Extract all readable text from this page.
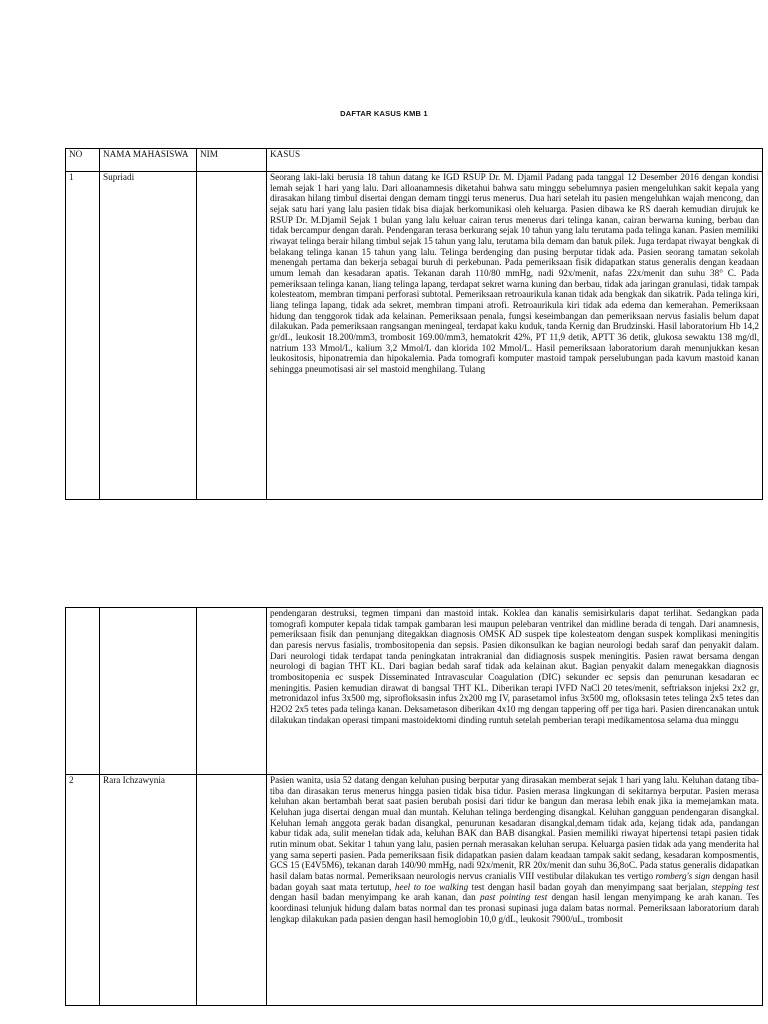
DAFTAR KASUS KMB 1
NO	NAMA MAHASISWA	NIM	KASUS
1	Supriadi		Seorang laki-laki berusia 18 tahun datang ke IGD RSUP Dr. M. Djamil Padang pada tanggal 12 Desember 2016 dengan kondisi lemah sejak 1 hari yang lalu. Dari alloanamnesis diketahui bahwa satu minggu sebelumnya pasien mengeluhkan sakit kepala yang dirasakan hilang timbul disertai dengan demam tinggi terus menerus. Dua hari setelah itu pasien mengeluhkan wajah mencong, dan sejak satu hari yang lalu pasien tidak bisa diajak berkomunikasi oleh keluarga. Pasien dibawa ke RS daerah kemudian dirujuk ke RSUP Dr. M.Djamil Sejak 1 bulan yang lalu keluar cairan terus menerus dari telinga kanan, cairan berwarna kuning, berbau dan tidak bercampur dengan darah. Pendengaran terasa berkurang sejak 10 tahun yang lalu terutama pada telinga kanan. Pasien memiliki riwayat telinga berair hilang timbul sejak 15 tahun yang lalu, terutama bila demam dan batuk pilek. Juga terdapat riwayat bengkak di belakang telinga kanan 15 tahun yang lalu. Telinga berdenging dan pusing berputar tidak ada. Pasien seorang tamatan sekolah menengah pertama dan bekerja sebagai buruh di perkebunan. Pada pemeriksaan fisik didapatkan status generalis dengan keadaan umum lemah dan kesadaran apatis. Tekanan darah 110/80 mmHg, nadi 92x/menit, nafas 22x/menit dan suhu 38° C. Pada pemeriksaan telinga kanan, liang telinga lapang, terdapat sekret warna kuning dan berbau, tidak ada jaringan granulasi, tidak tampak kolesteatom, membran timpani perforasi subtotal. Pemeriksaan retroaurikula kanan tidak ada bengkak dan sikatrik. Pada telinga kiri, liang telinga lapang, tidak ada sekret, membran timpani atrofi. Retroaurikula kiri tidak ada edema dan kemerahan. Pemeriksaan hidung dan tenggorok tidak ada kelainan. Pemeriksaan penala, fungsi keseimbangan dan pemeriksaan nervus fasialis belum dapat dilakukan. Pada pemeriksaan rangsangan meningeal, terdapat kaku kuduk, tanda Kernig dan Brudzinski. Hasil laboratorium Hb 14,2 gr/dL, leukosit 18.200/mm3, trombosit 169.00/mm3, hematokrit 42%, PT 11,9 detik, APTT 36 detik, glukosa sewaktu 138 mg/dl, natrium 133 Mmol/L, kalium 3,2 Mmol/L dan klorida 102 Mmol/L. Hasil pemeriksaan laboratorium darah menunjukkan kesan leukositosis, hiponatremia dan hipokalemia. Pada tomografi komputer mastoid tampak perselubungan pada kavum mastoid kanan sehingga pneumotisasi air sel mastoid menghilang. Tulang

			pendengaran destruksi, tegmen timpani dan mastoid intak. Koklea dan kanalis semisirkularis dapat terlihat. Sedangkan pada tomografi komputer kepala tidak tampak gambaran lesi maupun pelebaran ventrikel dan midline berada di tengah. Dari anamnesis, pemeriksaan fisik dan penunjang ditegakkan diagnosis OMSK AD suspek tipe kolesteatom dengan suspek komplikasi meningitis dan paresis nervus fasialis, trombositopenia dan sepsis. Pasien dikonsulkan ke bagian neurologi bedah saraf dan penyakit dalam. Dari neurologi tidak terdapat tanda peningkatan intrakranial dan didiagnosis suspek meningitis. Pasien rawat bersama dengan neurologi di bagian THT KL. Dari bagian bedah saraf tidak ada kelainan akut. Bagian penyakit dalam menegakkan diagnosis trombositopenia ec suspek Disseminated Intravascular Coagulation (DIC) sekunder ec sepsis dan penurunan kesadaran ec meningitis. Pasien kemudian dirawat di bangsal THT KL. Diberikan terapi IVFD NaCl 20 tetes/menit, seftriakson injeksi 2x2 gr, metronidazol infus 3x500 mg, siprofloksasin infus 2x200 mg IV, parasetamol infus 3x500 mg, ofloksasin tetes telinga 2x5 tetes dan H2O2 2x5 tetes pada telinga kanan. Deksametason diberikan 4x10 mg dengan tappering off per tiga hari. Pasien direncanakan untuk dilakukan tindakan operasi timpani mastoidektomi dinding runtuh setelah pemberian terapi medikamentosa selama dua minggu

2	Rara Ichzawynia		Pasien wanita, usia 52 datang dengan keluhan pusing berputar yang dirasakan memberat sejak 1 hari yang lalu. Keluhan datang tiba-tiba dan dirasakan terus menerus hingga pasien tidak bisa tidur. Pasien merasa lingkungan di sekitarnya berputar. Pasien merasa keluhan akan bertambah berat saat pasien berubah posisi dari tidur ke bangun dan merasa lebih enak jika ia memejamkan mata. Keluhan juga disertai dengan mual dan muntah. Keluhan telinga berdenging disangkal. Keluhan gangguan pendengaran disangkal. Keluhan lemah anggota gerak badan disangkal, penurunan kesadaran disangkal,demam tidak ada, kejang tidak ada, pandangan kabur tidak ada, sulit menelan tidak ada, keluhan BAK dan BAB disangkal. Pasien memiliki riwayat hipertensi tetapi pasien tidak rutin minum obat. Sekitar 1 tahun yang lalu, pasien pernah merasakan keluhan serupa. Keluarga pasien tidak ada yang menderita hal yang sama seperti pasien. Pada pemeriksaan fisik didapatkan pasien dalam keadaan tampak sakit sedang, kesadaran komposmentis, GCS 15 (E4V5M6), tekanan darah 140/90 mmHg, nadi 92x/menit, RR 20x/menit dan suhu 36,8oC. Pada status generalis didapatkan hasil dalam batas normal. Pemeriksaan neurologis nervus cranialis VIII vestibular dilakukan tes vertigo romberg's sign dengan hasil badan goyah saat mata tertutup, heel to toe walking test dengan hasil badan goyah dan menyimpang saat berjalan, stepping test dengan hasil badan menyimpang ke arah kanan, dan past pointing test dengan hasil lengan menyimpang ke arah kanan. Tes koordinasi telunjuk hidung dalam batas normal dan tes pronasi supinasi juga dalam batas normal. Pemeriksaan laboratorium darah lengkap dilakukan pada pasien dengan hasil hemoglobin 10,0 g/dL, leukosit 7900/uL, trombosit
